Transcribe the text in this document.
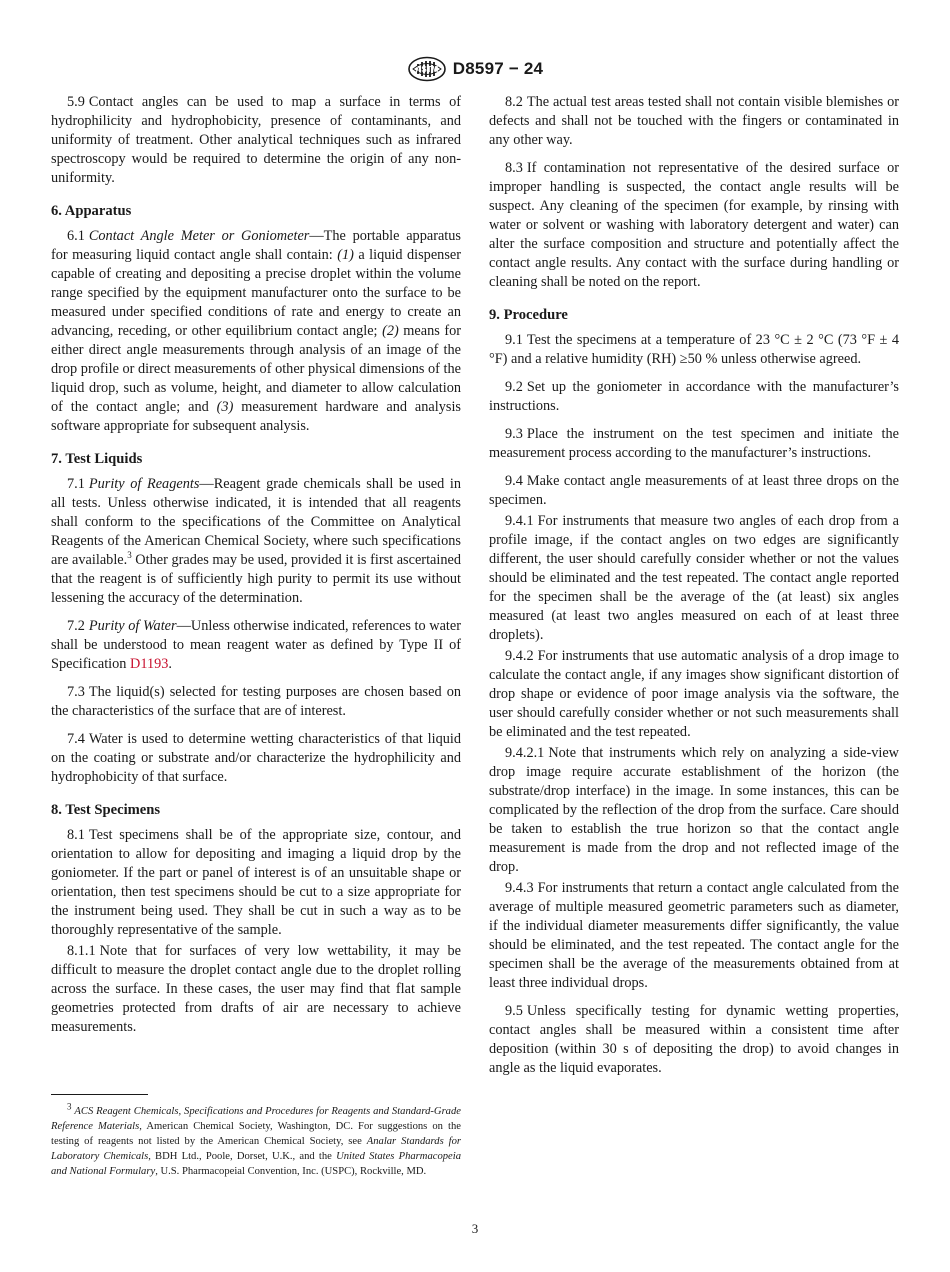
ASTM D8597 − 24

5.9 Contact angles can be used to map a surface in terms of hydrophilicity and hydrophobicity, presence of contaminants, and uniformity of treatment. Other analytical techniques such as infrared spectroscopy would be required to determine the origin of any non-uniformity.

6. Apparatus

6.1 Contact Angle Meter or Goniometer—The portable apparatus for measuring liquid contact angle shall contain: (1) a liquid dispenser capable of creating and depositing a precise droplet within the volume range specified by the equipment manufacturer onto the surface to be measured under specified conditions of rate and energy to create an advancing, receding, or other equilibrium contact angle; (2) means for either direct angle measurements through analysis of an image of the drop profile or direct measurements of other physical dimensions of the liquid drop, such as volume, height, and diameter to allow calculation of the contact angle; and (3) measurement hardware and analysis software appropriate for subsequent analysis.

7. Test Liquids

7.1 Purity of Reagents—Reagent grade chemicals shall be used in all tests. Unless otherwise indicated, it is intended that all reagents shall conform to the specifications of the Committee on Analytical Reagents of the American Chemical Society, where such specifications are available.$^3$ Other grades may be used, provided it is first ascertained that the reagent is of sufficiently high purity to permit its use without lessening the accuracy of the determination.

7.2 Purity of Water—Unless otherwise indicated, references to water shall be understood to mean reagent water as defined by Type II of Specification D1193.

7.3 The liquid(s) selected for testing purposes are chosen based on the characteristics of the surface that are of interest.

7.4 Water is used to determine wetting characteristics of that liquid on the coating or substrate and/or characterize the hydrophilicity and hydrophobicity of that surface.

8. Test Specimens

8.1 Test specimens shall be of the appropriate size, contour, and orientation to allow for depositing and imaging a liquid drop by the goniometer. If the part or panel of interest is of an unsuitable shape or orientation, then test specimens should be cut to a size appropriate for the instrument being used. They shall be cut in such a way as to be thoroughly representative of the sample.

8.1.1 Note that for surfaces of very low wettability, it may be difficult to measure the droplet contact angle due to the droplet rolling across the surface. In these cases, the user may find that flat sample geometries protected from drafts of air are necessary to achieve measurements.

$^3$ ACS Reagent Chemicals, Specifications and Procedures for Reagents and Standard-Grade Reference Materials, American Chemical Society, Washington, DC. For suggestions on the testing of reagents not listed by the American Chemical Society, see Analar Standards for Laboratory Chemicals, BDH Ltd., Poole, Dorset, U.K., and the United States Pharmacopeia and National Formulary, U.S. Pharmacopeial Convention, Inc. (USPC), Rockville, MD.

8.2 The actual test areas tested shall not contain visible blemishes or defects and shall not be touched with the fingers or contaminated in any other way.

8.3 If contamination not representative of the desired surface or improper handling is suspected, the contact angle results will be suspect. Any cleaning of the specimen (for example, by rinsing with water or solvent or washing with laboratory detergent and water) can alter the surface composition and structure and potentially affect the contact angle results. Any contact with the surface during handling or cleaning shall be noted on the report.

9. Procedure

9.1 Test the specimens at a temperature of 23 °C ± 2 °C (73 °F ± 4 °F) and a relative humidity (RH) ≥50 % unless otherwise agreed.

9.2 Set up the goniometer in accordance with the manufacturer’s instructions.

9.3 Place the instrument on the test specimen and initiate the measurement process according to the manufacturer’s instructions.

9.4 Make contact angle measurements of at least three drops on the specimen.

9.4.1 For instruments that measure two angles of each drop from a profile image, if the contact angles on two edges are significantly different, the user should carefully consider whether or not the values should be eliminated and the test repeated. The contact angle reported for the specimen shall be the average of the (at least) six angles measured (at least two angles measured on each of at least three droplets).

9.4.2 For instruments that use automatic analysis of a drop image to calculate the contact angle, if any images show significant distortion of drop shape or evidence of poor image analysis via the software, the user should carefully consider whether or not such measurements shall be eliminated and the test repeated.

9.4.2.1 Note that instruments which rely on analyzing a side-view drop image require accurate establishment of the horizon (the substrate/drop interface) in the image. In some instances, this can be complicated by the reflection of the drop from the surface. Care should be taken to establish the true horizon so that the contact angle measurement is made from the drop and not reflected image of the drop.

9.4.3 For instruments that return a contact angle calculated from the average of multiple measured geometric parameters such as diameter, if the individual diameter measurements differ significantly, the value should be eliminated, and the test repeated. The contact angle for the specimen shall be the average of the measurements obtained from at least three individual drops.

9.5 Unless specifically testing for dynamic wetting properties, contact angles shall be measured within a consistent time after deposition (within 30 s of depositing the drop) to avoid changes in angle as the liquid evaporates.

3
